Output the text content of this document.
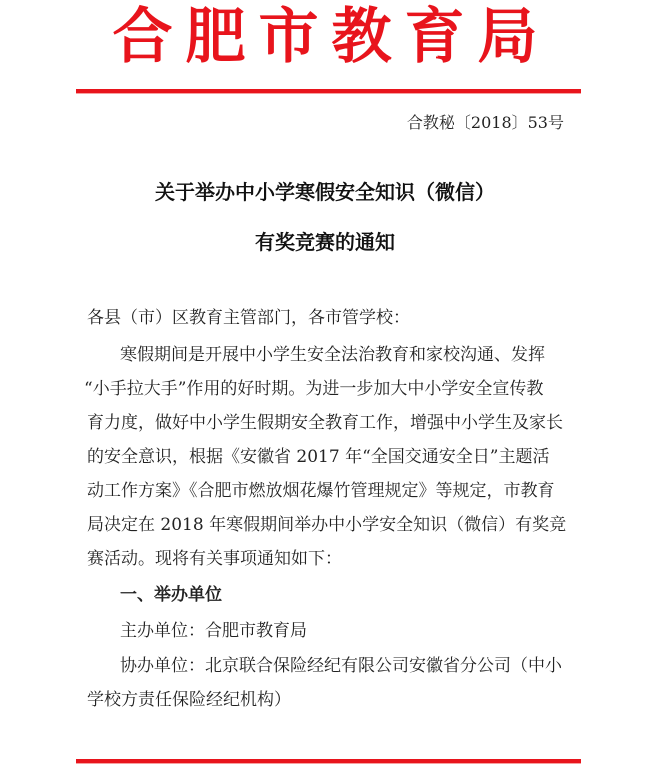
合肥市教育局
合教秘〔2018〕53号
关于举办中小学寒假安全知识（微信）
有奖竞赛的通知
各县（市）区教育主管部门，各市管学校：
寒假期间是开展中小学生安全法治教育和家校沟通、发挥
“小手拉大手”作用的好时期。为进一步加大中小学安全宣传教
育力度，做好中小学生假期安全教育工作，增强中小学生及家长
的安全意识，根据《安徽省 2017 年“全国交通安全日”主题活
动工作方案》《合肥市燃放烟花爆竹管理规定》等规定，市教育
局决定在 2018 年寒假期间举办中小学安全知识（微信）有奖竞
赛活动。现将有关事项通知如下：
一、举办单位
主办单位：合肥市教育局
协办单位：北京联合保险经纪有限公司安徽省分公司（中小
学校方责任保险经纪机构）
